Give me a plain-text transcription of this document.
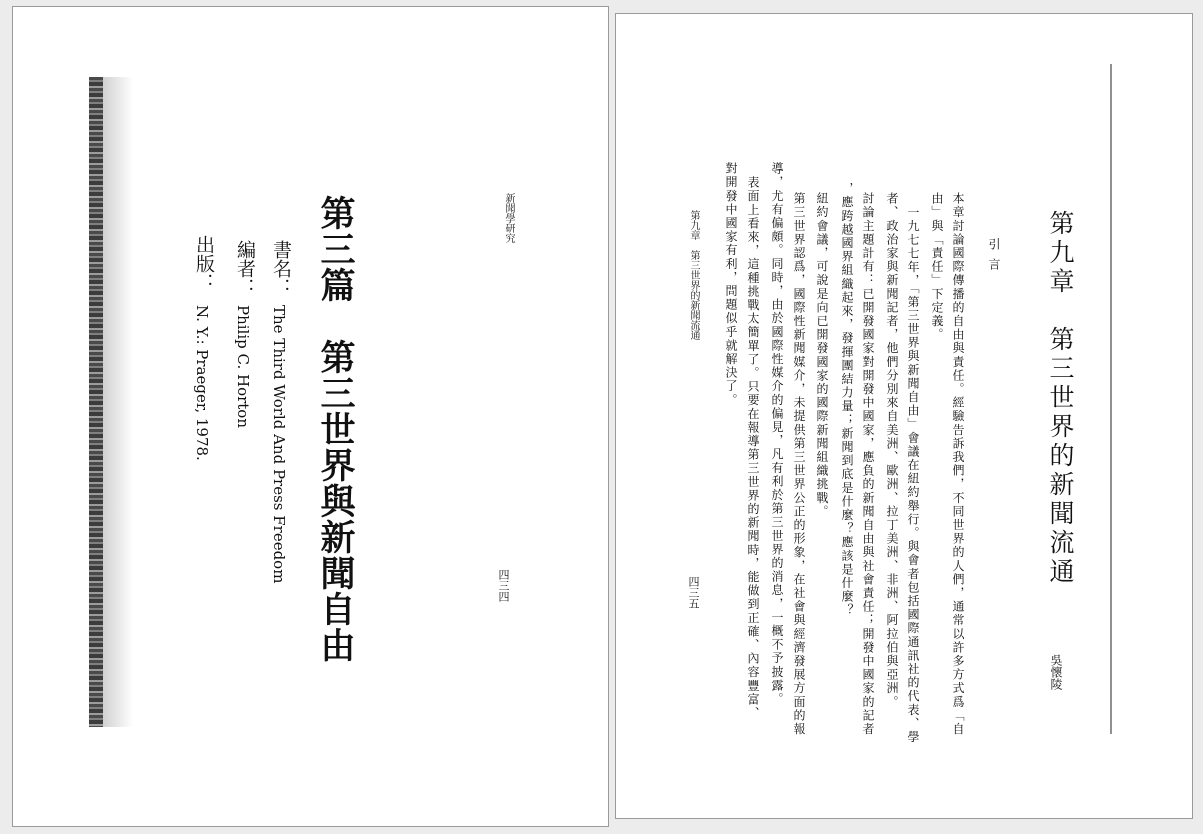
新聞學研究
第三篇　第三世界與新聞自由
書名：
The Third World And Press Freedom
編者：
Philip C. Horton
出版：
N. Y.: Praeger, 1978.
四三四	第九章　第三世界的新聞流通
吳懷陵
引言
本章討論國際傳播的自由與責任。經驗告訴我們，不同世界的人們，通常以許多方式爲「自
由」與「責任」下定義。
一九七七年，「第三世界與新聞自由」會議在紐約舉行。與會者包括國際通訊社的代表、學
者、政治家與新聞記者，他們分別來自美洲、歐洲、拉丁美洲、非洲、阿拉伯與亞洲。
討論主題計有：已開發國家對開發中國家，應負的新聞自由與社會責任；開發中國家的記者
，應跨越國界組織起來，發揮團結力量；新聞到底是什麼？應該是什麼？
紐約會議，可說是向已開發國家的國際新聞組織挑戰。
第三世界認爲，國際性新聞媒介，未提供第三世界公正的形象，在社會與經濟發展方面的報
導，尤有偏頗。同時，由於國際性媒介的偏見，凡有利於第三世界的消息，一概不予披露。
表面上看來，這種挑戰太簡單了。只要在報導第三世界的新聞時，能做到正確、內容豐富、
對開發中國家有利，問題似乎就解決了。
第九章　第三世界的新聞流通
四三五
